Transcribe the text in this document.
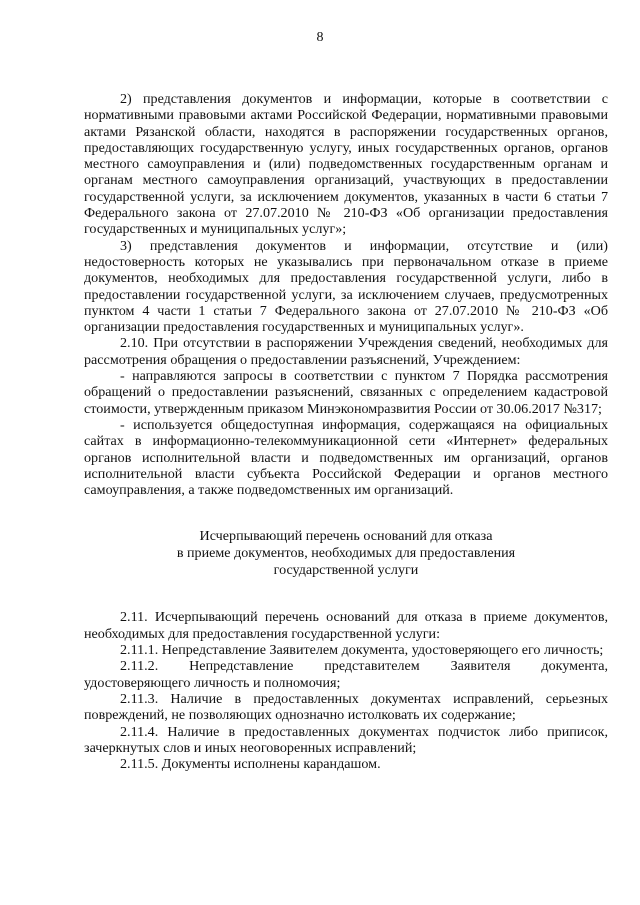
8

2) представления документов и информации, которые в соответствии с нормативными правовыми актами Российской Федерации, нормативными правовыми актами Рязанской области, находятся в распоряжении государственных органов, предоставляющих государственную услугу, иных государственных органов, органов местного самоуправления и (или) подведомственных государственным органам и органам местного самоуправления организаций, участвующих в предоставлении государственной услуги, за исключением документов, указанных в части 6 статьи 7 Федерального закона от 27.07.2010 № 210-ФЗ «Об организации предоставления государственных и муниципальных услуг»;

3) представления документов и информации, отсутствие и (или) недостоверность которых не указывались при первоначальном отказе в приеме документов, необходимых для предоставления государственной услуги, либо в предоставлении государственной услуги, за исключением случаев, предусмотренных пунктом 4 части 1 статьи 7 Федерального закона от 27.07.2010 № 210-ФЗ «Об организации предоставления государственных и муниципальных услуг».

2.10. При отсутствии в распоряжении Учреждения сведений, необходимых для рассмотрения обращения о предоставлении разъяснений, Учреждением:

- направляются запросы в соответствии с пунктом 7 Порядка рассмотрения обращений о предоставлении разъяснений, связанных с определением кадастровой стоимости, утвержденным приказом Минэкономразвития России от 30.06.2017 №317;

- используется общедоступная информация, содержащаяся на официальных сайтах в информационно-телекоммуникационной сети «Интернет» федеральных органов исполнительной власти и подведомственных им организаций, органов исполнительной власти субъекта Российской Федерации и органов местного самоуправления, а также подведомственных им организаций.

Исчерпывающий перечень оснований для отказа
в приеме документов, необходимых для предоставления
государственной услуги

2.11. Исчерпывающий перечень оснований для отказа в приеме документов, необходимых для предоставления государственной услуги:

2.11.1. Непредставление Заявителем документа, удостоверяющего его личность;

2.11.2. Непредставление представителем Заявителя документа, удостоверяющего личность и полномочия;

2.11.3. Наличие в предоставленных документах исправлений, серьезных повреждений, не позволяющих однозначно истолковать их содержание;

2.11.4. Наличие в предоставленных документах подчисток либо приписок, зачеркнутых слов и иных неоговоренных исправлений;

2.11.5. Документы исполнены карандашом.
